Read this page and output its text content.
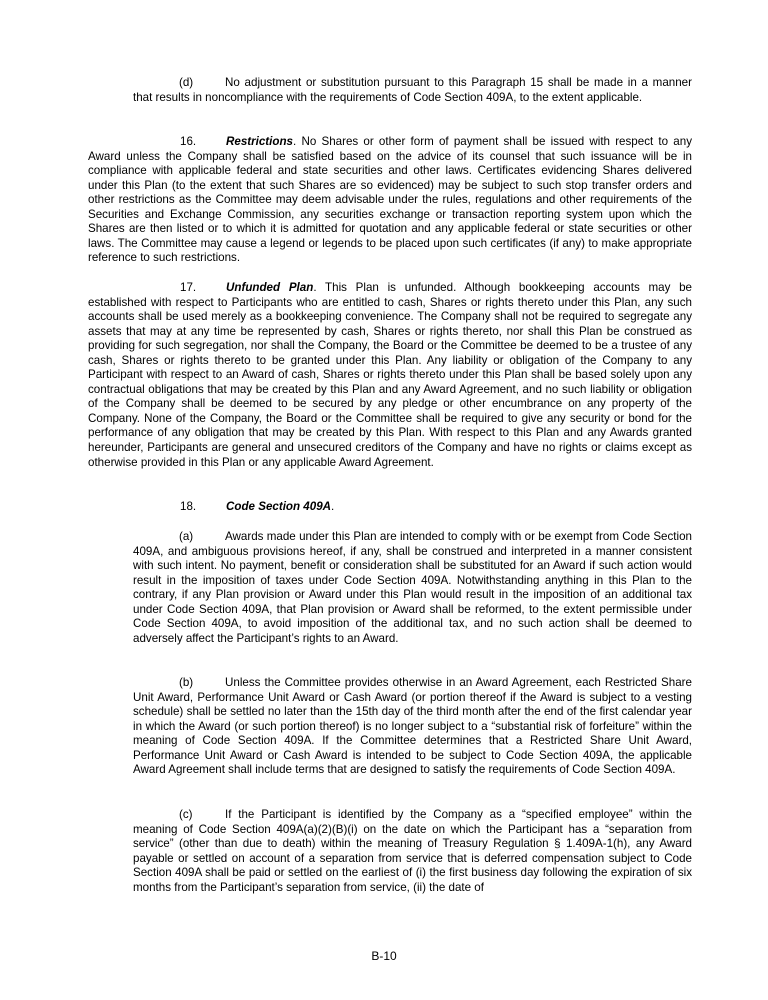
(d)	No adjustment or substitution pursuant to this Paragraph 15 shall be made in a manner that results in noncompliance with the requirements of Code Section 409A, to the extent applicable.

16.	Restrictions. No Shares or other form of payment shall be issued with respect to any Award unless the Company shall be satisfied based on the advice of its counsel that such issuance will be in compliance with applicable federal and state securities and other laws. Certificates evidencing Shares delivered under this Plan (to the extent that such Shares are so evidenced) may be subject to such stop transfer orders and other restrictions as the Committee may deem advisable under the rules, regulations and other requirements of the Securities and Exchange Commission, any securities exchange or transaction reporting system upon which the Shares are then listed or to which it is admitted for quotation and any applicable federal or state securities or other laws. The Committee may cause a legend or legends to be placed upon such certificates (if any) to make appropriate reference to such restrictions.

17.	Unfunded Plan. This Plan is unfunded. Although bookkeeping accounts may be established with respect to Participants who are entitled to cash, Shares or rights thereto under this Plan, any such accounts shall be used merely as a bookkeeping convenience. The Company shall not be required to segregate any assets that may at any time be represented by cash, Shares or rights thereto, nor shall this Plan be construed as providing for such segregation, nor shall the Company, the Board or the Committee be deemed to be a trustee of any cash, Shares or rights thereto to be granted under this Plan. Any liability or obligation of the Company to any Participant with respect to an Award of cash, Shares or rights thereto under this Plan shall be based solely upon any contractual obligations that may be created by this Plan and any Award Agreement, and no such liability or obligation of the Company shall be deemed to be secured by any pledge or other encumbrance on any property of the Company. None of the Company, the Board or the Committee shall be required to give any security or bond for the performance of any obligation that may be created by this Plan. With respect to this Plan and any Awards granted hereunder, Participants are general and unsecured creditors of the Company and have no rights or claims except as otherwise provided in this Plan or any applicable Award Agreement.

18.	Code Section 409A.

(a)	Awards made under this Plan are intended to comply with or be exempt from Code Section 409A, and ambiguous provisions hereof, if any, shall be construed and interpreted in a manner consistent with such intent. No payment, benefit or consideration shall be substituted for an Award if such action would result in the imposition of taxes under Code Section 409A. Notwithstanding anything in this Plan to the contrary, if any Plan provision or Award under this Plan would result in the imposition of an additional tax under Code Section 409A, that Plan provision or Award shall be reformed, to the extent permissible under Code Section 409A, to avoid imposition of the additional tax, and no such action shall be deemed to adversely affect the Participant’s rights to an Award.

(b)	Unless the Committee provides otherwise in an Award Agreement, each Restricted Share Unit Award, Performance Unit Award or Cash Award (or portion thereof if the Award is subject to a vesting schedule) shall be settled no later than the 15th day of the third month after the end of the first calendar year in which the Award (or such portion thereof) is no longer subject to a “substantial risk of forfeiture” within the meaning of Code Section 409A. If the Committee determines that a Restricted Share Unit Award, Performance Unit Award or Cash Award is intended to be subject to Code Section 409A, the applicable Award Agreement shall include terms that are designed to satisfy the requirements of Code Section 409A.

(c)	If the Participant is identified by the Company as a “specified employee” within the meaning of Code Section 409A(a)(2)(B)(i) on the date on which the Participant has a “separation from service” (other than due to death) within the meaning of Treasury Regulation § 1.409A-1(h), any Award payable or settled on account of a separation from service that is deferred compensation subject to Code Section 409A shall be paid or settled on the earliest of (i) the first business day following the expiration of six months from the Participant’s separation from service, (ii) the date of

B-10
